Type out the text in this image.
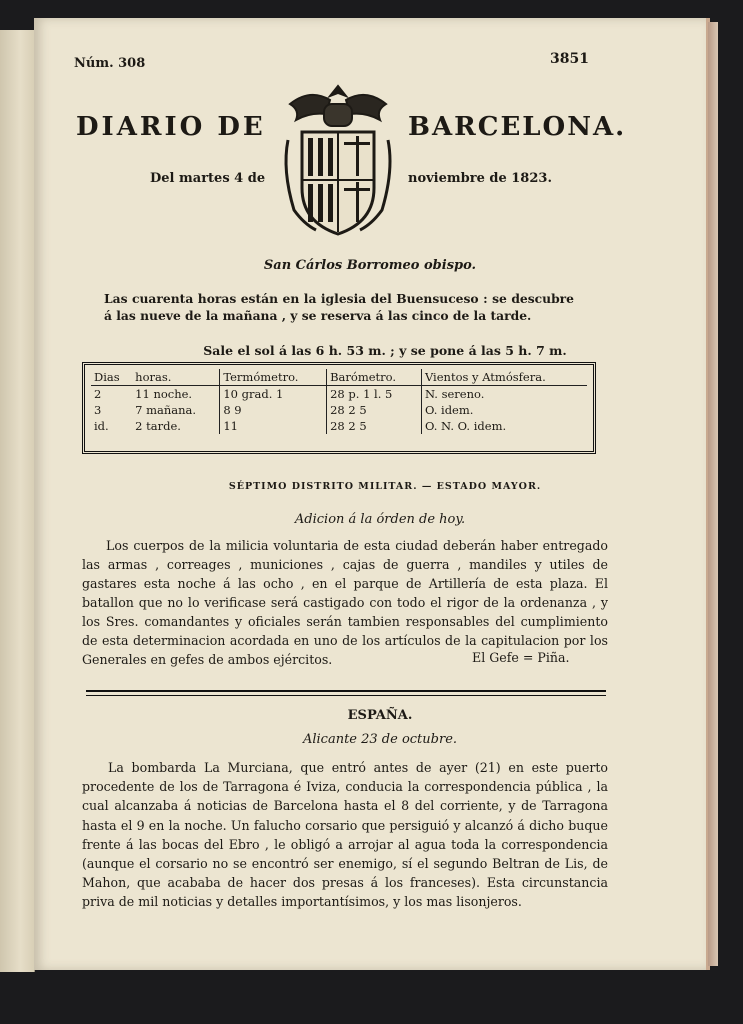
Núm. 308	3851
DIARIO DE	BARCELONA.
Del martes 4 de	noviembre de 1823.
San Cárlos Borromeo obispo.
Las cuarenta horas están en la iglesia del Buensuceso : se descubre á las nueve de la mañana , y se reserva á las cinco de la tarde.
Sale el sol á las 6 h. 53 m. ; y se pone á las 5 h. 7 m.
Dias	horas.	Termómetro.	Barómetro.	Vientos y Atmósfera.
2	11 noche.	10 grad. 1	28 p. 1 l. 5	N. sereno.
3	7 mañana.	8 9	28 2 5	O. idem.
id.	2 tarde.	11	28 2 5	O. N. O. idem.
SÉPTIMO DISTRITO MILITAR. — ESTADO MAYOR.
Adicion á la órden de hoy.
Los cuerpos de la milicia voluntaria de esta ciudad deberán haber entregado las armas , correages , municiones , cajas de guerra , mandiles y utiles de gastares esta noche á las ocho , en el parque de Artillería de esta plaza. El batallon que no lo verificase será castigado con todo el rigor de la ordenanza , y los Sres. comandantes y oficiales serán tambien responsables del cumplimiento de esta determinacion acordada en uno de los artículos de la capitulacion por los Generales en gefes de ambos ejércitos.	El Gefe = Piña.
ESPAÑA.
Alicante 23 de octubre.
La bombarda La Murciana, que entró antes de ayer (21) en este puerto procedente de los de Tarragona é Iviza, conducia la correspondencia pública , la cual alcanzaba á noticias de Barcelona hasta el 8 del corriente, y de Tarragona hasta el 9 en la noche. Un falucho corsario que persiguió y alcanzó á dicho buque frente á las bocas del Ebro , le obligó a arrojar al agua toda la correspondencia (aunque el corsario no se encontró ser enemigo, sí el segundo Beltran de Lis, de Mahon, que acababa de hacer dos presas á los franceses). Esta circunstancia priva de mil noticias y detalles importantísimos, y los mas lisonjeros.
